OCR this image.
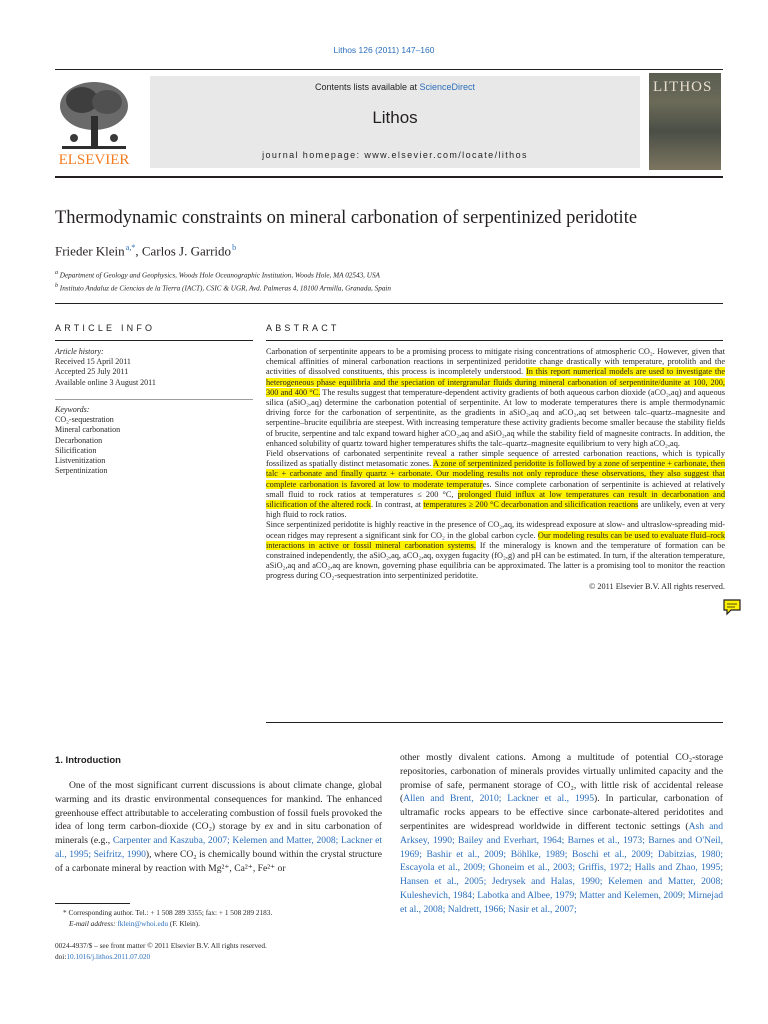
Lithos 126 (2011) 147–160
ELSEVIER
Contents lists available at ScienceDirect
Lithos
journal homepage: www.elsevier.com/locate/lithos
LITHOS
Thermodynamic constraints on mineral carbonation of serpentinized peridotite
Frieder Klein $^{a,*}$, Carlos J. Garrido $^b$
$^a$ Department of Geology and Geophysics, Woods Hole Oceanographic Institution, Woods Hole, MA 02543, USA
$^b$ Instituto Andaluz de Ciencias de la Tierra (IACT), CSIC & UGR, Avd. Palmeras 4, 18100 Armilla, Granada, Spain
ARTICLE INFO
Article history:
Received 15 April 2011
Accepted 25 July 2011
Available online 3 August 2011
Keywords:
CO₂-sequestration
Mineral carbonation
Decarbonation
Silicification
Listvenitization
Serpentinization
ABSTRACT

Carbonation of serpentinite appears to be a promising process to mitigate rising concentrations of atmospheric CO₂. However, given that chemical affinities of mineral carbonation reactions in serpentinized peridotite change drastically with temperature, protolith and the activities of dissolved constituents, this process is incompletely understood. In this report numerical models are used to investigate the heterogeneous phase equilibria and the speciation of intergranular fluids during mineral carbonation of serpentinite/dunite at 100, 200, 300 and 400 °C. The results suggest that temperature-dependent activity gradients of both aqueous carbon dioxide (aCO₂,aq) and aqueous silica (aSiO₂,aq) determine the carbonation potential of serpentinite. At low to moderate temperatures there is ample thermodynamic driving force for the carbonation of serpentinite, as the gradients in aSiO₂,aq and aCO₂,aq set between talc–quartz–magnesite and serpentine–brucite equilibria are steepest. With increasing temperature these activity gradients become smaller because the stability fields of brucite, serpentine and talc expand toward higher aCO₂,aq and aSiO₂,aq while the stability field of magnesite contracts. In addition, the enhanced solubility of quartz toward higher temperatures shifts the talc–quartz–magnesite equilibrium to very high aCO₂,aq.

Field observations of carbonated serpentinite reveal a rather simple sequence of arrested carbonation reactions, which is typically fossilized as spatially distinct metasomatic zones. A zone of serpentinized peridotite is followed by a zone of serpentine + carbonate, then talc + carbonate and finally quartz + carbonate. Our modeling results not only reproduce these observations, they also suggest that complete carbonation is favored at low to moderate temperatures. Since complete carbonation of serpentinite is achieved at relatively small fluid to rock ratios at temperatures ≤ 200 °C, prolonged fluid influx at low temperatures can result in decarbonation and silicification of the altered rock. In contrast, at temperatures ≥ 200 °C decarbonation and silicification reactions are unlikely, even at very high fluid to rock ratios.

Since serpentinized peridotite is highly reactive in the presence of CO₂,aq, its widespread exposure at slow- and ultraslow-spreading mid-ocean ridges may represent a significant sink for CO₂ in the global carbon cycle. Our modeling results can be used to evaluate fluid–rock interactions in active or fossil mineral carbonation systems. If the mineralogy is known and the temperature of formation can be constrained independently, the aSiO₂,aq, aCO₂,aq, oxygen fugacity (fO₂,g) and pH can be estimated. In turn, if the alteration temperature, aSiO₂,aq and aCO₂,aq are known, governing phase equilibria can be approximated. The latter is a promising tool to monitor the reaction progress during CO₂-sequestration into serpentinized peridotite.

© 2011 Elsevier B.V. All rights reserved.

1. Introduction

One of the most significant current discussions is about climate change, global warming and its drastic environmental consequences for mankind. The enhanced greenhouse effect attributable to accelerating combustion of fossil fuels provoked the idea of long term carbon-dioxide (CO₂) storage by ex and in situ carbonation of minerals (e.g., Carpenter and Kaszuba, 2007; Kelemen and Matter, 2008; Lackner et al., 1995; Seifritz, 1990), where CO₂ is chemically bound within the crystal structure of a carbonate mineral by reaction with Mg²⁺, Ca²⁺, Fe²⁺ or

other mostly divalent cations. Among a multitude of potential CO₂-storage repositories, carbonation of minerals provides virtually unlimited capacity and the promise of safe, permanent storage of CO₂, with little risk of accidental release (Allen and Brent, 2010; Lackner et al., 1995). In particular, carbonation of ultramafic rocks appears to be effective since carbonate-altered peridotites and serpentinites are widespread worldwide in different tectonic settings (Ash and Arksey, 1990; Bailey and Everhart, 1964; Barnes et al., 1973; Barnes and O'Neil, 1969; Bashir et al., 2009; Böhlke, 1989; Boschi et al., 2009; Dabitzias, 1980; Escayola et al., 2009; Ghoneim et al., 2003; Griffis, 1972; Halls and Zhao, 1995; Hansen et al., 2005; Jedrysek and Halas, 1990; Kelemen and Matter, 2008; Kuleshevich, 1984; Labotka and Albee, 1979; Matter and Kelemen, 2009; Mirnejad et al., 2008; Naldrett, 1966; Nasir et al., 2007;

* Corresponding author. Tel.: + 1 508 289 3355; fax: + 1 508 289 2183.
E-mail address: fklein@whoi.edu (F. Klein).
0024-4937/$ – see front matter © 2011 Elsevier B.V. All rights reserved.
doi:10.1016/j.lithos.2011.07.020
